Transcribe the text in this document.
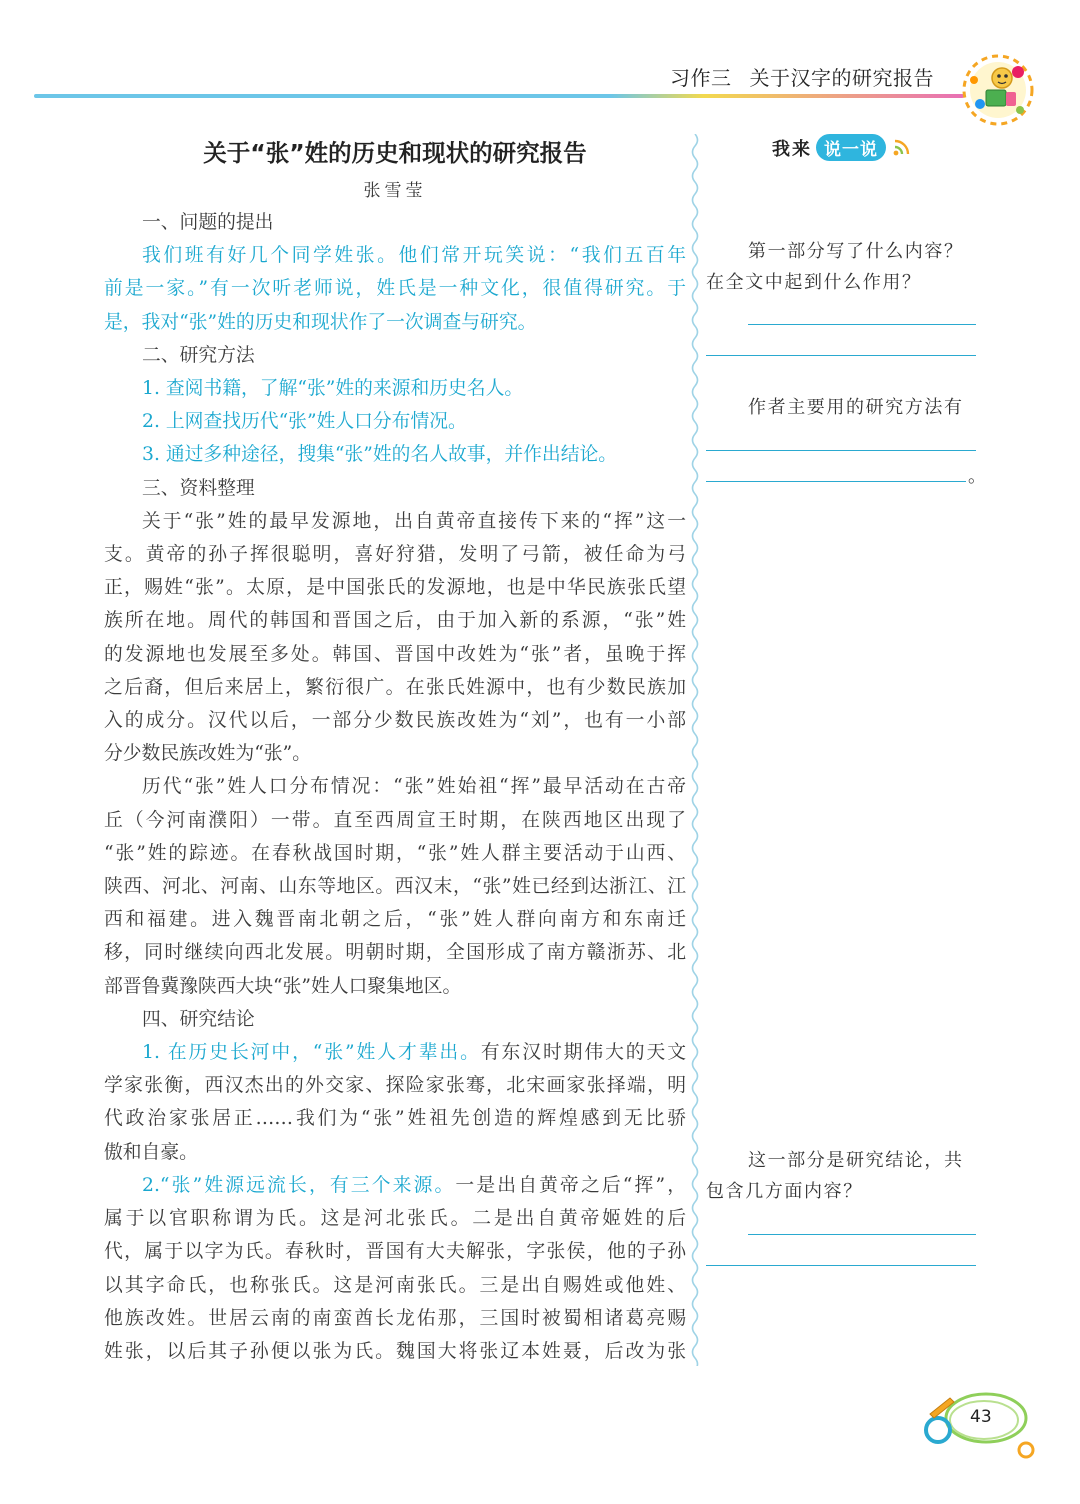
习作三 关于汉字的研究报告
关于“张”姓的历史和现状的研究报告
张雪莹
一、问题的提出
我们班有好几个同学姓张。他们常开玩笑说：“我们五百年
前是一家。”有一次听老师说，姓氏是一种文化，很值得研究。于
是，我对“张”姓的历史和现状作了一次调查与研究。
二、研究方法
1. 查阅书籍，了解“张”姓的来源和历史名人。
2. 上网查找历代“张”姓人口分布情况。
3. 通过多种途径，搜集“张”姓的名人故事，并作出结论。
三、资料整理
关于“张”姓的最早发源地，出自黄帝直接传下来的“挥”这一
支。黄帝的孙子挥很聪明，喜好狩猎，发明了弓箭，被任命为弓
正，赐姓“张”。太原，是中国张氏的发源地，也是中华民族张氏望
族所在地。周代的韩国和晋国之后，由于加入新的系源，“张”姓
的发源地也发展至多处。韩国、晋国中改姓为“张”者，虽晚于挥
之后裔，但后来居上，繁衍很广。在张氏姓源中，也有少数民族加
入的成分。汉代以后，一部分少数民族改姓为“刘”，也有一小部
分少数民族改姓为“张”。
历代“张”姓人口分布情况：“张”姓始祖“挥”最早活动在古帝
丘（今河南濮阳）一带。直至西周宣王时期，在陕西地区出现了
“张”姓的踪迹。在春秋战国时期，“张”姓人群主要活动于山西、
陕西、河北、河南、山东等地区。西汉末，“张”姓已经到达浙江、江
西和福建。进入魏晋南北朝之后，“张”姓人群向南方和东南迁
移，同时继续向西北发展。明朝时期，全国形成了南方赣浙苏、北
部晋鲁冀豫陕西大块“张”姓人口聚集地区。
四、研究结论
1. 在历史长河中，“张”姓人才辈出。有东汉时期伟大的天文
学家张衡，西汉杰出的外交家、探险家张骞，北宋画家张择端，明
代政治家张居正……我们为“张”姓祖先创造的辉煌感到无比骄
傲和自豪。
2.“张”姓源远流长，有三个来源。一是出自黄帝之后“挥”，
属于以官职称谓为氏。这是河北张氏。二是出自黄帝姬姓的后
代，属于以字为氏。春秋时，晋国有大夫解张，字张侯，他的子孙
以其字命氏，也称张氏。这是河南张氏。三是出自赐姓或他姓、
他族改姓。世居云南的南蛮酋长龙佑那，三国时被蜀相诸葛亮赐
姓张，以后其子孙便以张为氏。魏国大将张辽本姓聂，后改为张
我来 说一说
第一部分写了什么内容？
在全文中起到什么作用？
作者主要用的研究方法有
。
这一部分是研究结论，共
包含几方面内容？
43
